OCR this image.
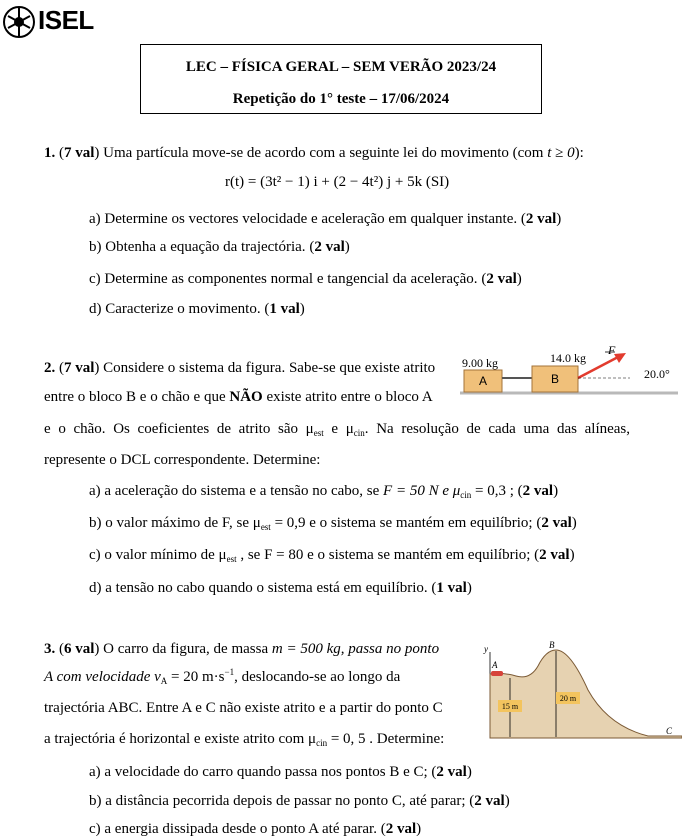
ISEL
LEC – FÍSICA GERAL – SEM VERÃO 2023/24
Repetição do 1° teste – 17/06/2024
1. (7 val) Uma partícula move-se de acordo com a seguinte lei do movimento (com t ≥ 0):
r(t) = (3t² − 1) i + (2 − 4t²) j + 5k (SI)
a) Determine os vectores velocidade e aceleração em qualquer instante. (2 val)
b) Obtenha a equação da trajectória. (2 val)
c) Determine as componentes normal e tangencial da aceleração. (2 val)
d) Caracterize o movimento. (1 val)
2. (7 val) Considere o sistema da figura. Sabe-se que existe atrito
entre o bloco B e o chão e que NÃO existe atrito entre o bloco A
e o chão. Os coeficientes de atrito são $\mu_{est}$ e $\mu_{cin}$. Na resolução de cada uma das alíneas,
represente o DCL correspondente. Determine:
a) a aceleração do sistema e a tensão no cabo, se F = 50 N e $\mu_{cin} = 0,3$ ; (2 val)
b) o valor máximo de F, se $\mu_{est} = 0,9$ e o sistema se mantém em equilíbrio; (2 val)
c) o valor mínimo de $\mu_{est}$ , se F = 80 e o sistema se mantém em equilíbrio; (2 val)
d) a tensão no cabo quando o sistema está em equilíbrio. (1 val)
9.00 kg	14.0 kg
A	B
F
20.0°
3. (6 val) O carro da figura, de massa m = 500 kg, passa no ponto
A com velocidade $v_A = 20$ $m\cdot s^{-1}$, deslocando-se ao longo da
trajectória ABC. Entre A e C não existe atrito e a partir do ponto C
a trajectória é horizontal e existe atrito com $\mu_{cin} = 0$, 5 . Determine:
a) a velocidade do carro quando passa nos pontos B e C; (2 val)
b) a distância pecorrida depois de passar no ponto C, até parar; (2 val)
c) a energia dissipada desde o ponto A até parar. (2 val)
y
A
B
C
15 m
20 m
